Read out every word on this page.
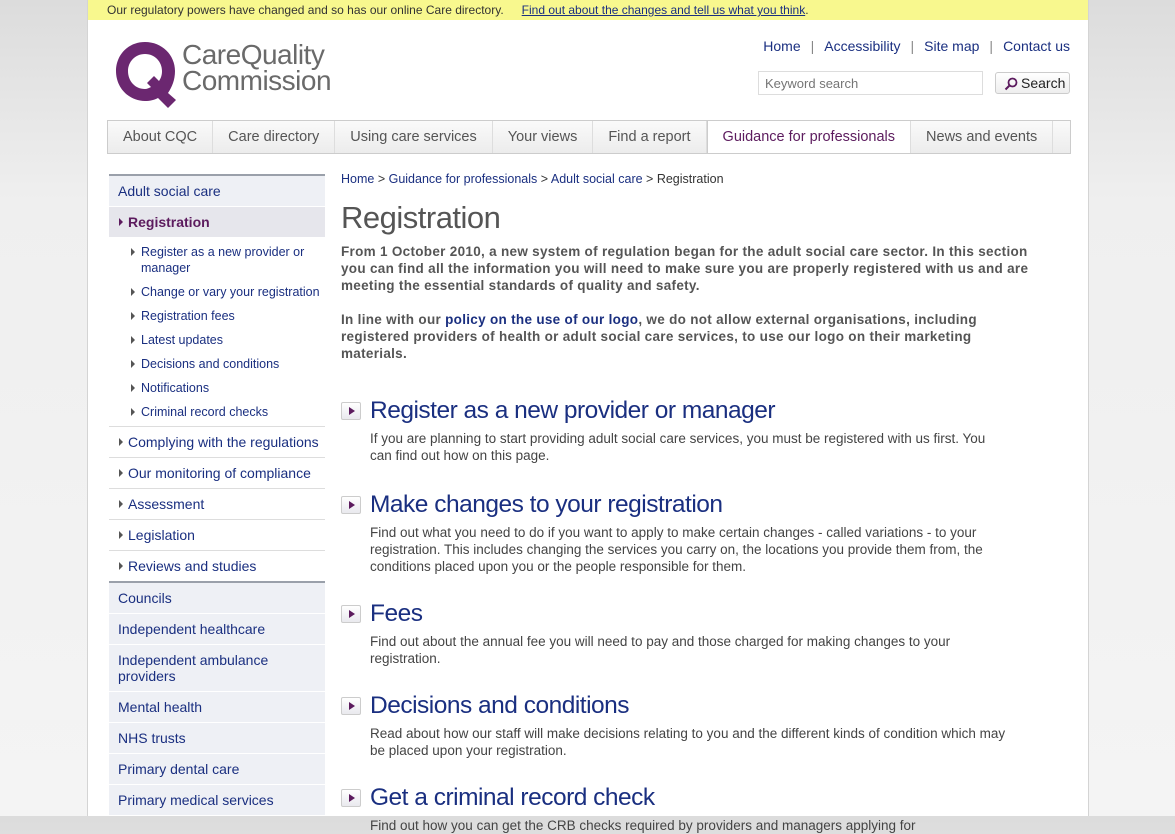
Our regulatory powers have changed and so has our online Care directory. Find out about the changes and tell us what you think.
CareQuality
Commission
Home | Accessibility | Site map | Contact us
Keyword search
Search
About CQC	Care directory	Using care services	Your views	Find a report	Guidance for professionals	News and events
Adult social care
Registration
Register as a new provider or manager
Change or vary your registration
Registration fees
Latest updates
Decisions and conditions
Notifications
Criminal record checks
Complying with the regulations
Our monitoring of compliance
Assessment
Legislation
Reviews and studies
Councils
Independent healthcare
Independent ambulance providers
Mental health
NHS trusts
Primary dental care
Primary medical services
Home > Guidance for professionals > Adult social care > Registration
Registration

From 1 October 2010, a new system of regulation began for the adult social care sector. In this section you can find all the information you will need to make sure you are properly registered with us and are meeting the essential standards of quality and safety.

In line with our policy on the use of our logo, we do not allow external organisations, including registered providers of health or adult social care services, to use our logo on their marketing materials.

Register as a new provider or manager

If you are planning to start providing adult social care services, you must be registered with us first. You can find out how on this page.

Make changes to your registration

Find out what you need to do if you want to apply to make certain changes - called variations - to your registration. This includes changing the services you carry on, the locations you provide them from, the conditions placed upon you or the people responsible for them.

Fees

Find out about the annual fee you will need to pay and those charged for making changes to your registration.

Decisions and conditions

Read about how our staff will make decisions relating to you and the different kinds of condition which may be placed upon your registration.

Get a criminal record check

Find out how you can get the CRB checks required by providers and managers applying for
